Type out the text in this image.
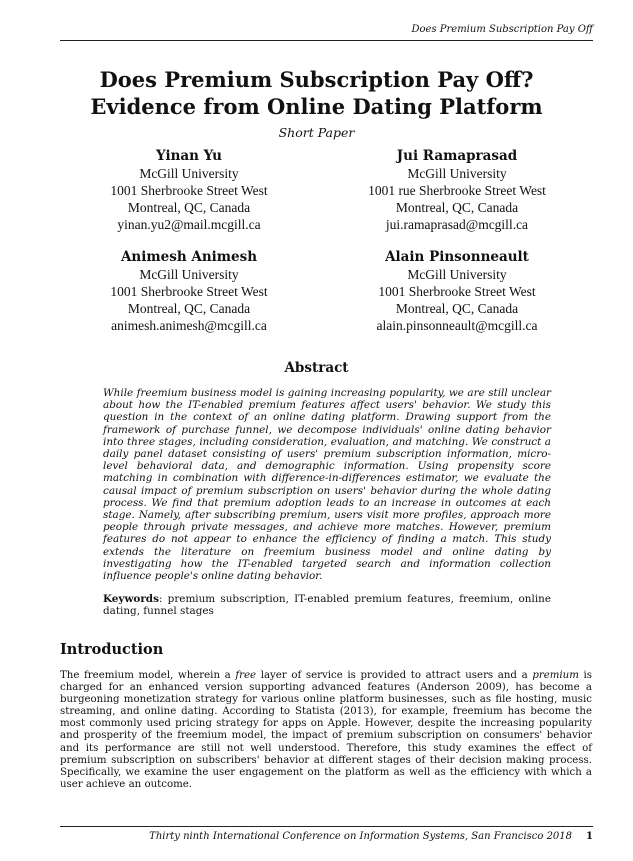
Does Premium Subscription Pay Off
Does Premium Subscription Pay Off?
Evidence from Online Dating Platform
Short Paper
Yinan Yu
McGill University
1001 Sherbrooke Street West
Montreal, QC, Canada
yinan.yu2@mail.mcgill.ca
Jui Ramaprasad
McGill University
1001 rue Sherbrooke Street West
Montreal, QC, Canada
jui.ramaprasad@mcgill.ca
Animesh Animesh
McGill University
1001 Sherbrooke Street West
Montreal, QC, Canada
animesh.animesh@mcgill.ca
Alain Pinsonneault
McGill University
1001 Sherbrooke Street West
Montreal, QC, Canada
alain.pinsonneault@mcgill.ca
Abstract
While freemium business model is gaining increasing popularity, we are still unclear about how the IT-enabled premium features affect users' behavior. We study this question in the context of an online dating platform. Drawing support from the framework of purchase funnel, we decompose individuals' online dating behavior into three stages, including consideration, evaluation, and matching. We construct a daily panel dataset consisting of users' premium subscription information, micro-level behavioral data, and demographic information. Using propensity score matching in combination with difference-in-differences estimator, we evaluate the causal impact of premium subscription on users' behavior during the whole dating process. We find that premium adoption leads to an increase in outcomes at each stage. Namely, after subscribing premium, users visit more profiles, approach more people through private messages, and achieve more matches. However, premium features do not appear to enhance the efficiency of finding a match. This study extends the literature on freemium business model and online dating by investigating how the IT-enabled targeted search and information collection influence people's online dating behavior.
Keywords: premium subscription, IT-enabled premium features, freemium, online dating, funnel stages
Introduction
The freemium model, wherein a free layer of service is provided to attract users and a premium is charged for an enhanced version supporting advanced features (Anderson 2009), has become a burgeoning monetization strategy for various online platform businesses, such as file hosting, music streaming, and online dating. According to Statista (2013), for example, freemium has become the most commonly used pricing strategy for apps on Apple. However, despite the increasing popularity and prosperity of the freemium model, the impact of premium subscription on consumers' behavior and its performance are still not well understood. Therefore, this study examines the effect of premium subscription on subscribers' behavior at different stages of their decision making process. Specifically, we examine the user engagement on the platform as well as the efficiency with which a user achieve an outcome.
Thirty ninth International Conference on Information Systems, San Francisco 2018 1
